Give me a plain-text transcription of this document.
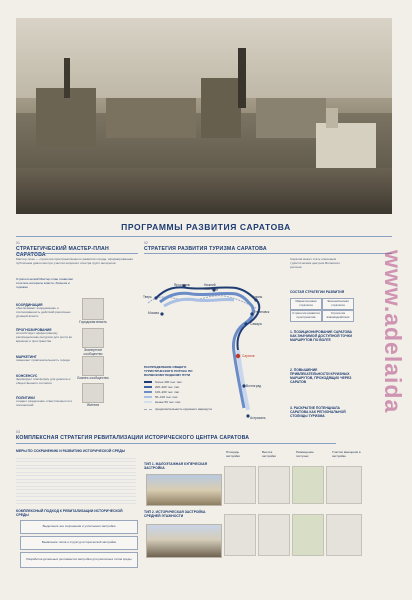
ПРОГРАММЫ РАЗВИТИЯ САРАТОВА
01
СТРАТЕГИЧЕСКИЙ МАСТЕР-ПЛАН САРАТОВА
Мастер-план — стратегия пространственного развития города, сформированная публичным диалогом при участии широкого спектра групп интересов
Стратегический Мастер-план позволяет сочетать интересы власти, бизнеса и горожан
КООРДИНАЦИЯ
обеспечивает координацию и согласованность действий различных уровней власти
Городская власть
ПРОГНОЗИРОВАНИЕ
способствует эффективному распределению ресурсов для роста во времени и пространстве
Экспертное сообщество
МАРКЕТИНГ
повышает привлекательность города
Бизнес-сообщество
КОНСЕНСУС
формирует платформу для диалога и общественного согласия
Жители
ПОЛИТИКИ
создает разделение ответственности и полномочий
02
СТРАТЕГИЯ РАЗВИТИЯ ТУРИЗМА САРАТОВА
Ярославль
Тверь
Москва
Нижний Новгород
Казань
Ульяновск
Самара
Саратов
Волгоград
Астрахань
РАСПРЕДЕЛЕНИЕ ОБЩЕГО ТУРИСТИЧЕСКОГО ПОТОКА ПО ВОЛЖСКОМУ ВОДНОМУ ПУТИ
более 300 тыс. пас.
200–300 тыс. пас.
100–200 тыс. пас.
50–100 тыс. пас.
менее 50 тыс. пас.
продолжительность круизного маршрута
Саратов может стать ключевым туристическим центром Волжского региона
СОСТАЯ СТРАТЕГИИ РАЗВИТИЯ
Маркетинговая стратегия
Экономическая стратегия
Стратегия развития пространства
Стратегия взаимодействия
1. ПОЗИЦИОНИРОВАНИЕ САРАТОВА КАК ЗНАЧИМОЙ ДОСТУПНОЙ ТОЧКИ МАРШРУТОВ ПО ВОЛГЕ
2. ПОВЫШЕНИЕ ПРИВЛЕКАТЕЛЬНОСТИ КРУИЗНЫХ МАРШРУТОВ, ПРОХОДЯЩИХ ЧЕРЕЗ САРАТОВ
3. РАСКРЫТИЕ ПОТЕНЦИАЛА САРАТОВА КАК РЕГИОНАЛЬНОЙ СТОЛИЦЫ ТУРИЗМА
03
КОМПЛЕКСНАЯ СТРАТЕГИЯ РЕВИТАЛИЗАЦИИ ИСТОРИЧЕСКОГО ЦЕНТРА САРАТОВА
МЕРЫ ПО СОХРАНЕНИЮ И РАЗВИТИЮ ИСТОРИЧЕСКОЙ СРЕДЫ
КОМПЛЕКСНЫЙ ПОДХОД К РЕВИТАЛИЗАЦИИ ИСТОРИЧЕСКОЙ СРЕДЫ
Выделение зон сохранения и уплотнения застройки
Выявление типов и структур исторической застройки
Разработка детальных регламентов застройки для различных типов среды
Площадь застройки
Высота застройки
Размещение построек
Участки вмещения в застройке
ТИП 1. МАЛОЭТАЖНАЯ КУПЕЧЕСКАЯ ЗАСТРОЙКА
ТИП 2. ИСТОРИЧЕСКАЯ ЗАСТРОЙКА СРЕДНЕЙ ЭТАЖНОСТИ
www.adelaida
